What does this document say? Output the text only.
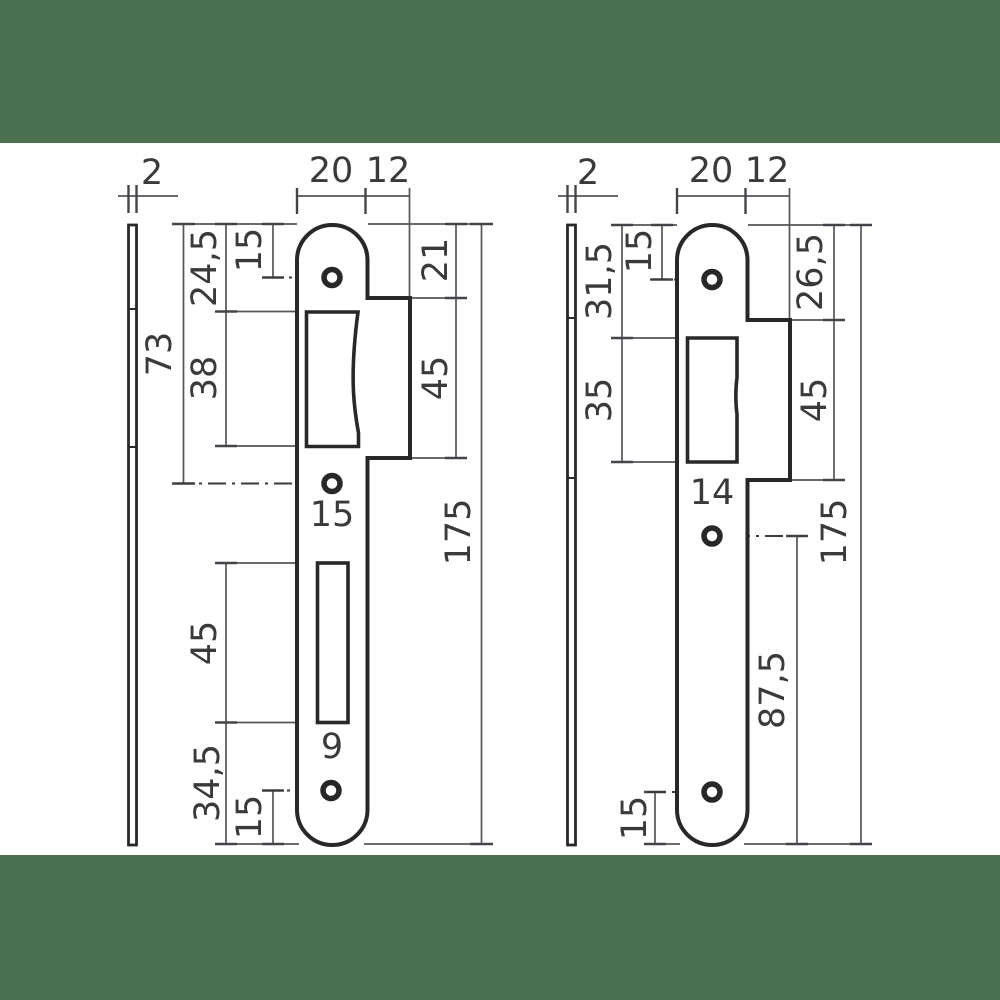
2	20 12
24,5 15
73
38
21
45
175
15
45
9
34,5 15
2	20 12
31,5 15	26,5
35	45
14
175
87,5
15
